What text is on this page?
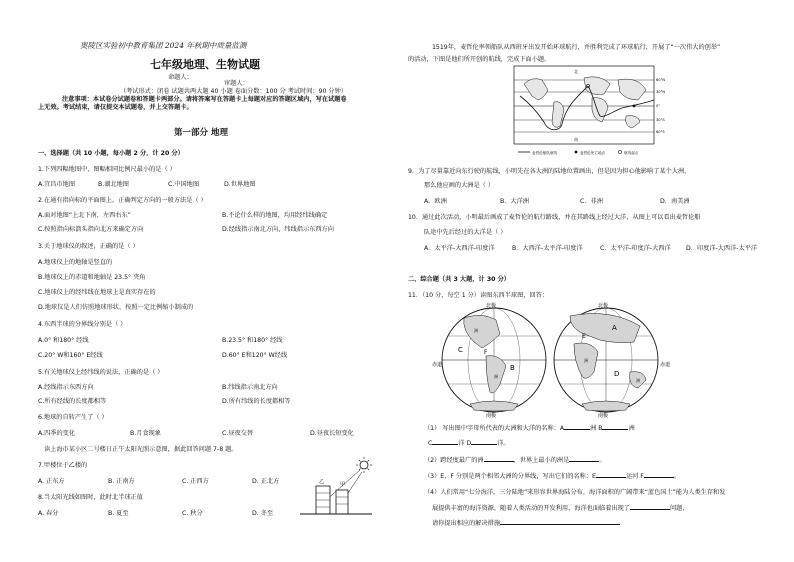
奥陵区实验初中教育集团 2024 年秋期中质量监测
七年级地理、生物试题
命题人：
审题人：
（考试形式：闭卷 试题共两大题 40 小题 卷面分数：100 分 考试时间：90 分钟）
注意事项：本试卷分试题卷和答题卡两部分。请将答案写在答题卡上每题对应的答题区域内，写在试题卷
上无效。考试结束，请仅提交本试题卷，并上交答题卡。
第一部分 地理
一、选择题（共 10 小题，每小题 2 分，计 20 分）
1.下列四幅地图中，图幅相同比例尺最小的是（ ）
A.宜昌市地图	B.湖北地图	C.中国地图	D.世界地图
2.在通有指向标的平面图上，正确判定方向的一般方法是（ ）
A.面对地图“上北下南，左西右东”	B.不论什么样的地图，均用经纬线确定
C.按照指向标箭头指向北方来确定方向	D.经线指示南北方向，纬线指示东西方向
3.关于地球仪的叙述，正确的是（ ）
A.地球仪上的地轴是竖直的
B.地球仪上的赤道和地轴是 23.5° 夹角
C.地球仪上的经纬线在地球上是真实存在的
D.地球仪是人们仿照地球形状，按照一定比例缩小制成的
4.东西半球的分界线分别是（ ）
A.0° 和180° 经线	B.23.5° 和180° 经线
C.20° W和160° E经线	D.60° E和120° W经线
5.有关地球仪上经纬线的说法，正确的是（ ）
A.经线指示东西方向	B.纬线指示南北方向
C.所有经线的长度都相等	D.所有纬线的长度都相等
6.地球的自转产生了（ ）
A.四季的变化	B.月食现象	C.昼夜交替	D.昼夜长短变化
读上海市某小区二号楼日正午太阳光照示意图，据此回答问题 7-8 题。
7.甲楼位于乙楼的
A. 正东方	B. 正南方	C. 正西方	D. 正北方
8.当太阳光线如图时，此时北半球正值
A. 春分	B. 夏至	C. 秋分	D. 冬至
甲
乙
1519年，麦哲伦率领船队从西班牙出发开始环球航行，并胜利完成了环球航行，开展了“一次伟大的创举”
的活动，下图是他们所开创的航线，完成下面小题。
北
南
60°N
30°N
0°
30°S
60°S
麦哲伦船队航线	麦哲伦死亡地点	航线起点
9．为了尽量靠近向东行驶的航线，小明先在各大洲的陆地位置画出，但是因为担心他影响了某个大洲，
那么他应画的大洲是（ ）
A．欧洲	B．大洋洲	C．非洲	D．南美洲
10．通过此次活动，小明最后画成了麦哲伦的航行路线，并在其路线上经过大洋，从图上可以看出麦哲伦船
队途中先后经过的大洋是（ ）
A．太平洋-大西洋-印度洋	B．大西洋-太平洋-印度洋	C．太平洋-印度洋-大西洋 D．印度洋-大西洋-太平洋
二、综合题（共 3 大题，计 30 分）
11．（10 分，每空 1 分）读图东西半球图，回答：
北极	北极
南极	南极
赤道	赤道
A
B
C
D
E
F
洲
洲
洲
洲
（1） 写出图中字母所代表的大洲和大洋的名称：A	洲 B	洲
C	洋 D	洋。
（2）跨经度最广的洲	，世界上最小的洲是	。
（3）E、F 分别是两个相邻大洲的分界线，写出它们的名称：E	运河 F	。
（4）人们常用“七分海洋，三分陆地”来形容世界海陆分布，海洋面积的广阔带来“蓝色国土”能为人类生存和发
展提供丰富的海洋资源，随着人类活动的开发利用，海洋也面临着出现了	问题，
请你提出相应的解决措施
